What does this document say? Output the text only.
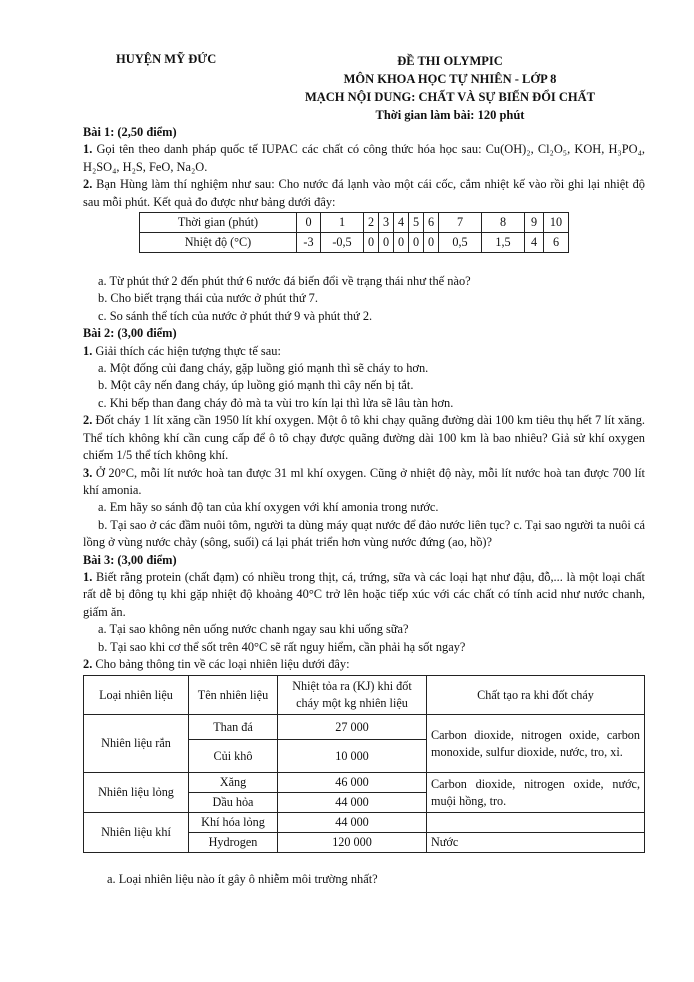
HUYỆN MỸ ĐỨC	ĐỀ THI OLYMPIC
MÔN KHOA HỌC TỰ NHIÊN - LỚP 8
MẠCH NỘI DUNG: CHẤT VÀ SỰ BIẾN ĐỔI CHẤT
Thời gian làm bài: 120 phút

Bài 1: (2,50 điểm)

1. Gọi tên theo danh pháp quốc tế IUPAC các chất có công thức hóa học sau: Cu(OH)₂, Cl₂O₅, KOH, H₃PO₄, H₂SO₄, H₂S, FeO, Na₂O.

2. Bạn Hùng làm thí nghiệm như sau: Cho nước đá lạnh vào một cái cốc, cắm nhiệt kế vào rồi ghi lại nhiệt độ sau mỗi phút. Kết quả đo được như bảng dưới đây:

Thời gian (phút)	0	1	2	3	4	5	6	7	8	9	10
Nhiệt độ (°C)	-3	-0,5	0	0	0	0	0	0,5	1,5	4	6

a. Từ phút thứ 2 đến phút thứ 6 nước đá biến đổi về trạng thái như thế nào?

b. Cho biết trạng thái của nước ở phút thứ 7.

c. So sánh thể tích của nước ở phút thứ 9 và phút thứ 2.

Bài 2: (3,00 điểm)

1. Giải thích các hiện tượng thực tế sau:

a. Một đống củi đang cháy, gặp luồng gió mạnh thì sẽ cháy to hơn.

b. Một cây nến đang cháy, úp luồng gió mạnh thì cây nến bị tắt.

c. Khi bếp than đang cháy đỏ mà ta vùi tro kín lại thì lửa sẽ lâu tàn hơn.

2. Đốt cháy 1 lít xăng cần 1950 lít khí oxygen. Một ô tô khi chạy quãng đường dài 100 km tiêu thụ hết 7 lít xăng. Thể tích không khí cần cung cấp để ô tô chạy được quãng đường dài 100 km là bao nhiêu? Giả sử khí oxygen chiếm 1/5 thể tích không khí.

3. Ở 20°C, mỗi lít nước hoà tan được 31 ml khí oxygen. Cũng ở nhiệt độ này, mỗi lít nước hoà tan được 700 lít khí amonia.

a. Em hãy so sánh độ tan của khí oxygen với khí amonia trong nước.

b. Tại sao ở các đầm nuôi tôm, người ta dùng máy quạt nước để đảo nước liên tục? c. Tại sao người ta nuôi cá lồng ở vùng nước chảy (sông, suối) cá lại phát triển hơn vùng nước đứng (ao, hồ)?

Bài 3: (3,00 điểm)

1. Biết rằng protein (chất đạm) có nhiều trong thịt, cá, trứng, sữa và các loại hạt như đậu, đỗ,... là một loại chất rất dễ bị đông tụ khi gặp nhiệt độ khoảng 40°C trở lên hoặc tiếp xúc với các chất có tính acid như nước chanh, giấm ăn.

a. Tại sao không nên uống nước chanh ngay sau khi uống sữa?

b. Tại sao khi cơ thể sốt trên 40°C sẽ rất nguy hiểm, cần phải hạ sốt ngay?

2. Cho bảng thông tin về các loại nhiên liệu dưới đây:

Loại nhiên liệu	Tên nhiên liệu	Nhiệt tỏa ra (KJ) khi đốt cháy một kg nhiên liệu	Chất tạo ra khi đốt cháy
Nhiên liệu rắn	Than đá	27 000	Carbon dioxide, nitrogen oxide, carbon monoxide, sulfur dioxide, nước, tro, xỉ.
	Củi khô	10 000	
Nhiên liệu lỏng	Xăng	46 000	Carbon dioxide, nitrogen oxide, nước, muội hồng, tro.
	Dầu hỏa	44 000	
Nhiên liệu khí	Khí hóa lỏng	44 000	
	Hydrogen	120 000	Nước

a. Loại nhiên liệu nào ít gây ô nhiễm môi trường nhất?
